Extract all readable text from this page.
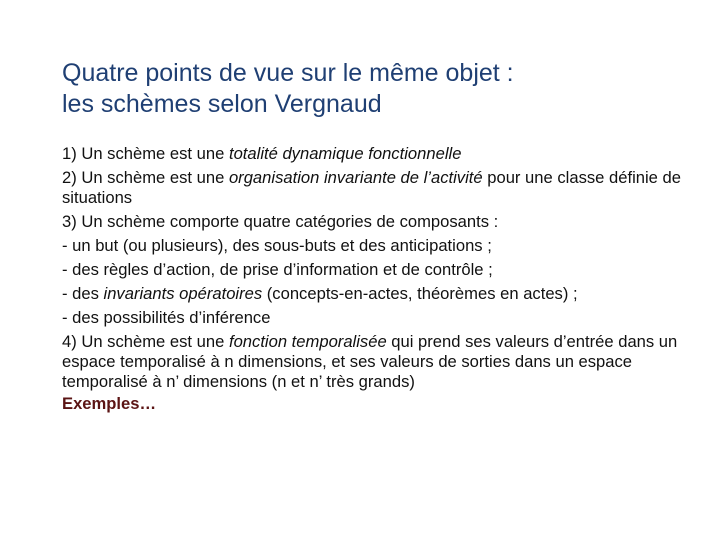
Quatre points de vue sur le même objet :
les schèmes selon Vergnaud

1) Un schème est une totalité dynamique fonctionnelle

2) Un schème est une organisation invariante de l’activité pour une classe définie de situations

3) Un schème comporte quatre catégories de composants :

- un but (ou plusieurs), des sous-buts et des anticipations ;

- des règles d’action, de prise d’information et de contrôle ;

- des invariants opératoires (concepts-en-actes, théorèmes en actes) ;

- des possibilités d’inférence

4) Un schème est une fonction temporalisée qui prend ses valeurs d’entrée dans un espace temporalisé à n dimensions, et ses valeurs de sorties dans un espace temporalisé à n’ dimensions (n et n’ très grands)

Exemples…
